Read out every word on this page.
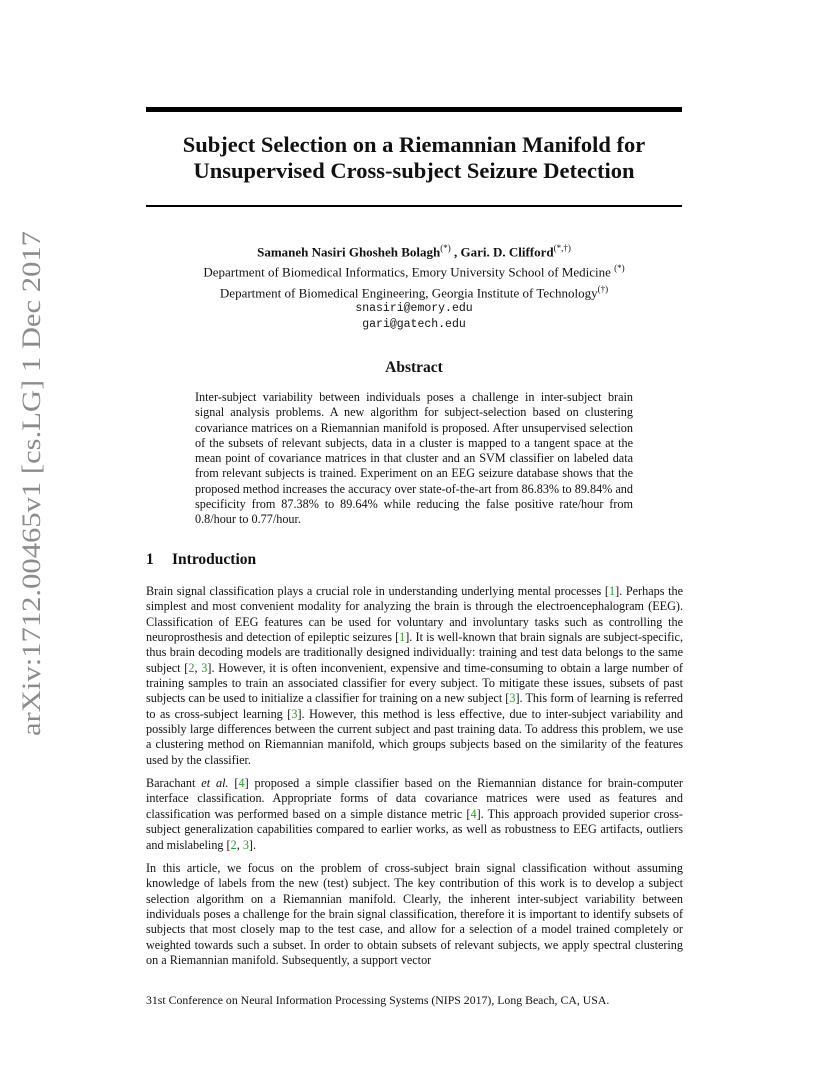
arXiv:1712.00465v1 [cs.LG] 1 Dec 2017
Subject Selection on a Riemannian Manifold for
Unsupervised Cross-subject Seizure Detection
Samaneh Nasiri Ghosheh Bolagh(*) , Gari. D. Clifford(*,†)
Department of Biomedical Informatics, Emory University School of Medicine (*)
Department of Biomedical Engineering, Georgia Institute of Technology(†)
snasiri@emory.edu
gari@gatech.edu
Abstract

Inter-subject variability between individuals poses a challenge in inter-subject brain signal analysis problems. A new algorithm for subject-selection based on clustering covariance matrices on a Riemannian manifold is proposed. After unsupervised selection of the subsets of relevant subjects, data in a cluster is mapped to a tangent space at the mean point of covariance matrices in that cluster and an SVM classifier on labeled data from relevant subjects is trained. Experiment on an EEG seizure database shows that the proposed method increases the accuracy over state-of-the-art from 86.83% to 89.84% and specificity from 87.38% to 89.64% while reducing the false positive rate/hour from 0.8/hour to 0.77/hour.

1 Introduction

Brain signal classification plays a crucial role in understanding underlying mental processes [1]. Perhaps the simplest and most convenient modality for analyzing the brain is through the electroencephalogram (EEG). Classification of EEG features can be used for voluntary and involuntary tasks such as controlling the neuroprosthesis and detection of epileptic seizures [1]. It is well-known that brain signals are subject-specific, thus brain decoding models are traditionally designed individually: training and test data belongs to the same subject [2, 3]. However, it is often inconvenient, expensive and time-consuming to obtain a large number of training samples to train an associated classifier for every subject. To mitigate these issues, subsets of past subjects can be used to initialize a classifier for training on a new subject [3]. This form of learning is referred to as cross-subject learning [3]. However, this method is less effective, due to inter-subject variability and possibly large differences between the current subject and past training data. To address this problem, we use a clustering method on Riemannian manifold, which groups subjects based on the similarity of the features used by the classifier.

Barachant et al. [4] proposed a simple classifier based on the Riemannian distance for brain-computer interface classification. Appropriate forms of data covariance matrices were used as features and classification was performed based on a simple distance metric [4]. This approach provided superior cross-subject generalization capabilities compared to earlier works, as well as robustness to EEG artifacts, outliers and mislabeling [2, 3].

In this article, we focus on the problem of cross-subject brain signal classification without assuming knowledge of labels from the new (test) subject. The key contribution of this work is to develop a subject selection algorithm on a Riemannian manifold. Clearly, the inherent inter-subject variability between individuals poses a challenge for the brain signal classification, therefore it is important to identify subsets of subjects that most closely map to the test case, and allow for a selection of a model trained completely or weighted towards such a subset. In order to obtain subsets of relevant subjects, we apply spectral clustering on a Riemannian manifold. Subsequently, a support vector

31st Conference on Neural Information Processing Systems (NIPS 2017), Long Beach, CA, USA.
